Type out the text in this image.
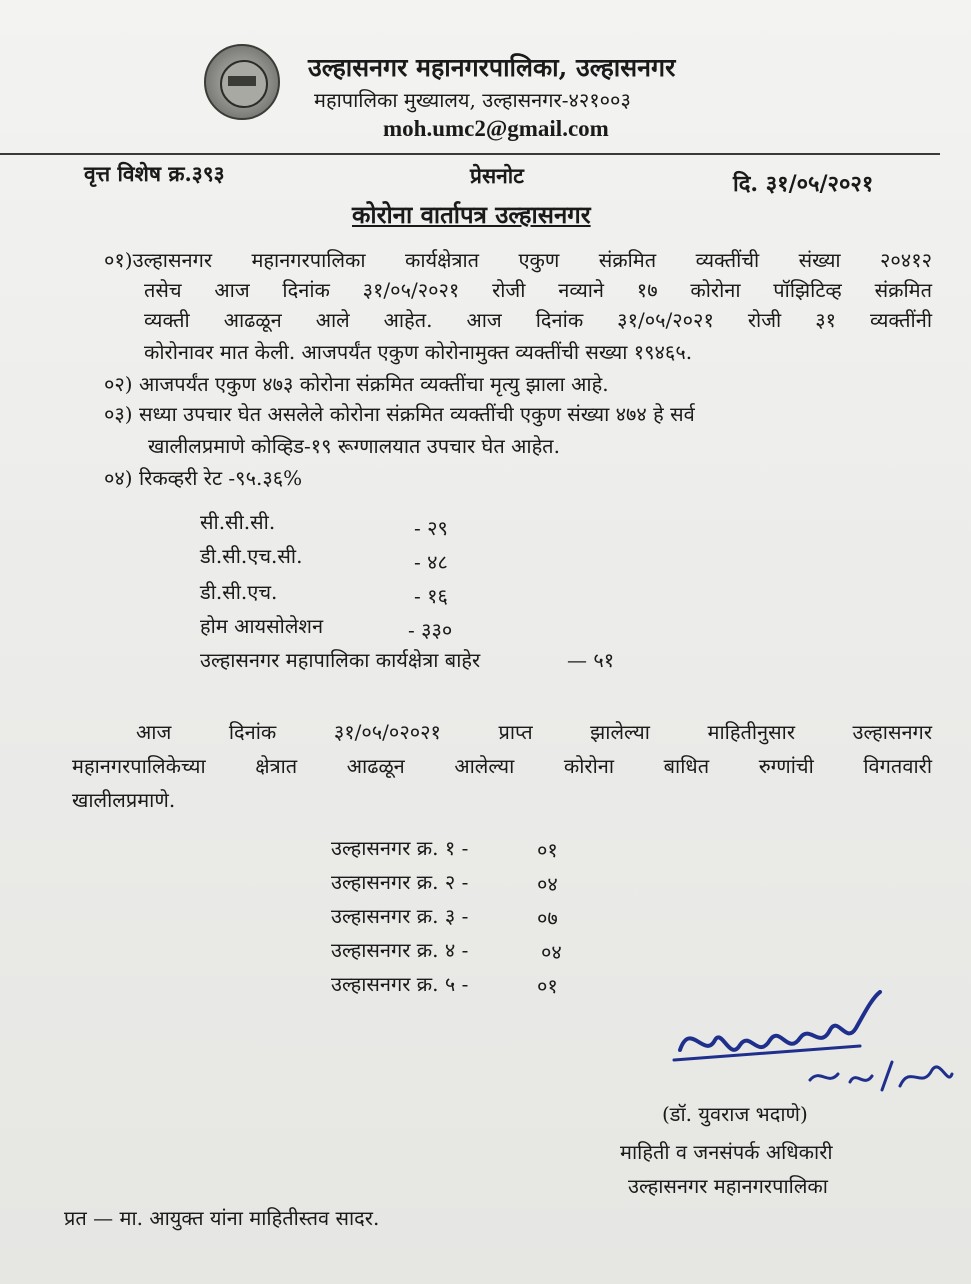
उल्हासनगर महानगरपालिका, उल्हासनगर
महापालिका मुख्यालय, उल्हासनगर-४२१००३
moh.umc2@gmail.com
वृत्त विशेष क्र.३९३	प्रेसनोट	दि. ३१/०५/२०२१
कोरोना वार्तापत्र उल्हासनगर
०१)उल्हासनगर महानगरपालिका कार्यक्षेत्रात एकुण संक्रमित व्यक्तींची संख्या २०४१२
तसेच आज दिनांक ३१/०५/२०२१ रोजी नव्याने १७ कोरोना पॉझिटिव्ह संक्रमित
व्यक्ती आढळून आले आहेत. आज दिनांक ३१/०५/२०२१ रोजी ३१ व्यक्तींनी
कोरोनावर मात केली. आजपर्यंत एकुण कोरोनामुक्त व्यक्तींची सख्या १९४६५.
०२) आजपर्यंत एकुण ४७३ कोरोना संक्रमित व्यक्तींचा मृत्यु झाला आहे.
०३) सध्या उपचार घेत असलेले कोरोना संक्रमित व्यक्तींची एकुण संख्या ४७४ हे सर्व
खालीलप्रमाणे कोव्हिड-१९ रूग्णालयात उपचार घेत आहेत.
०४) रिकव्हरी रेट -९५.३६%
सी.सी.सी.	- २९
डी.सी.एच.सी.	- ४८
डी.सी.एच.	- १६
होम आयसोलेशन	- ३३०
उल्हासनगर महापालिका कार्यक्षेत्रा बाहेर	— ५१
आज दिनांक ३१/०५/०२०२१ प्राप्त झालेल्या माहितीनुसार उल्हासनगर
महानगरपालिकेच्या क्षेत्रात आढळून आलेल्या कोरोना बाधित रुग्णांची विगतवारी
खालीलप्रमाणे.
उल्हासनगर क्र. १ -	०१
उल्हासनगर क्र. २ -	०४
उल्हासनगर क्र. ३ -	०७
उल्हासनगर क्र. ४ -	०४
उल्हासनगर क्र. ५ -	०१
(डॉ. युवराज भदाणे)
माहिती व जनसंपर्क अधिकारी
उल्हासनगर महानगरपालिका
प्रत — मा. आयुक्त यांना माहितीस्तव सादर.
